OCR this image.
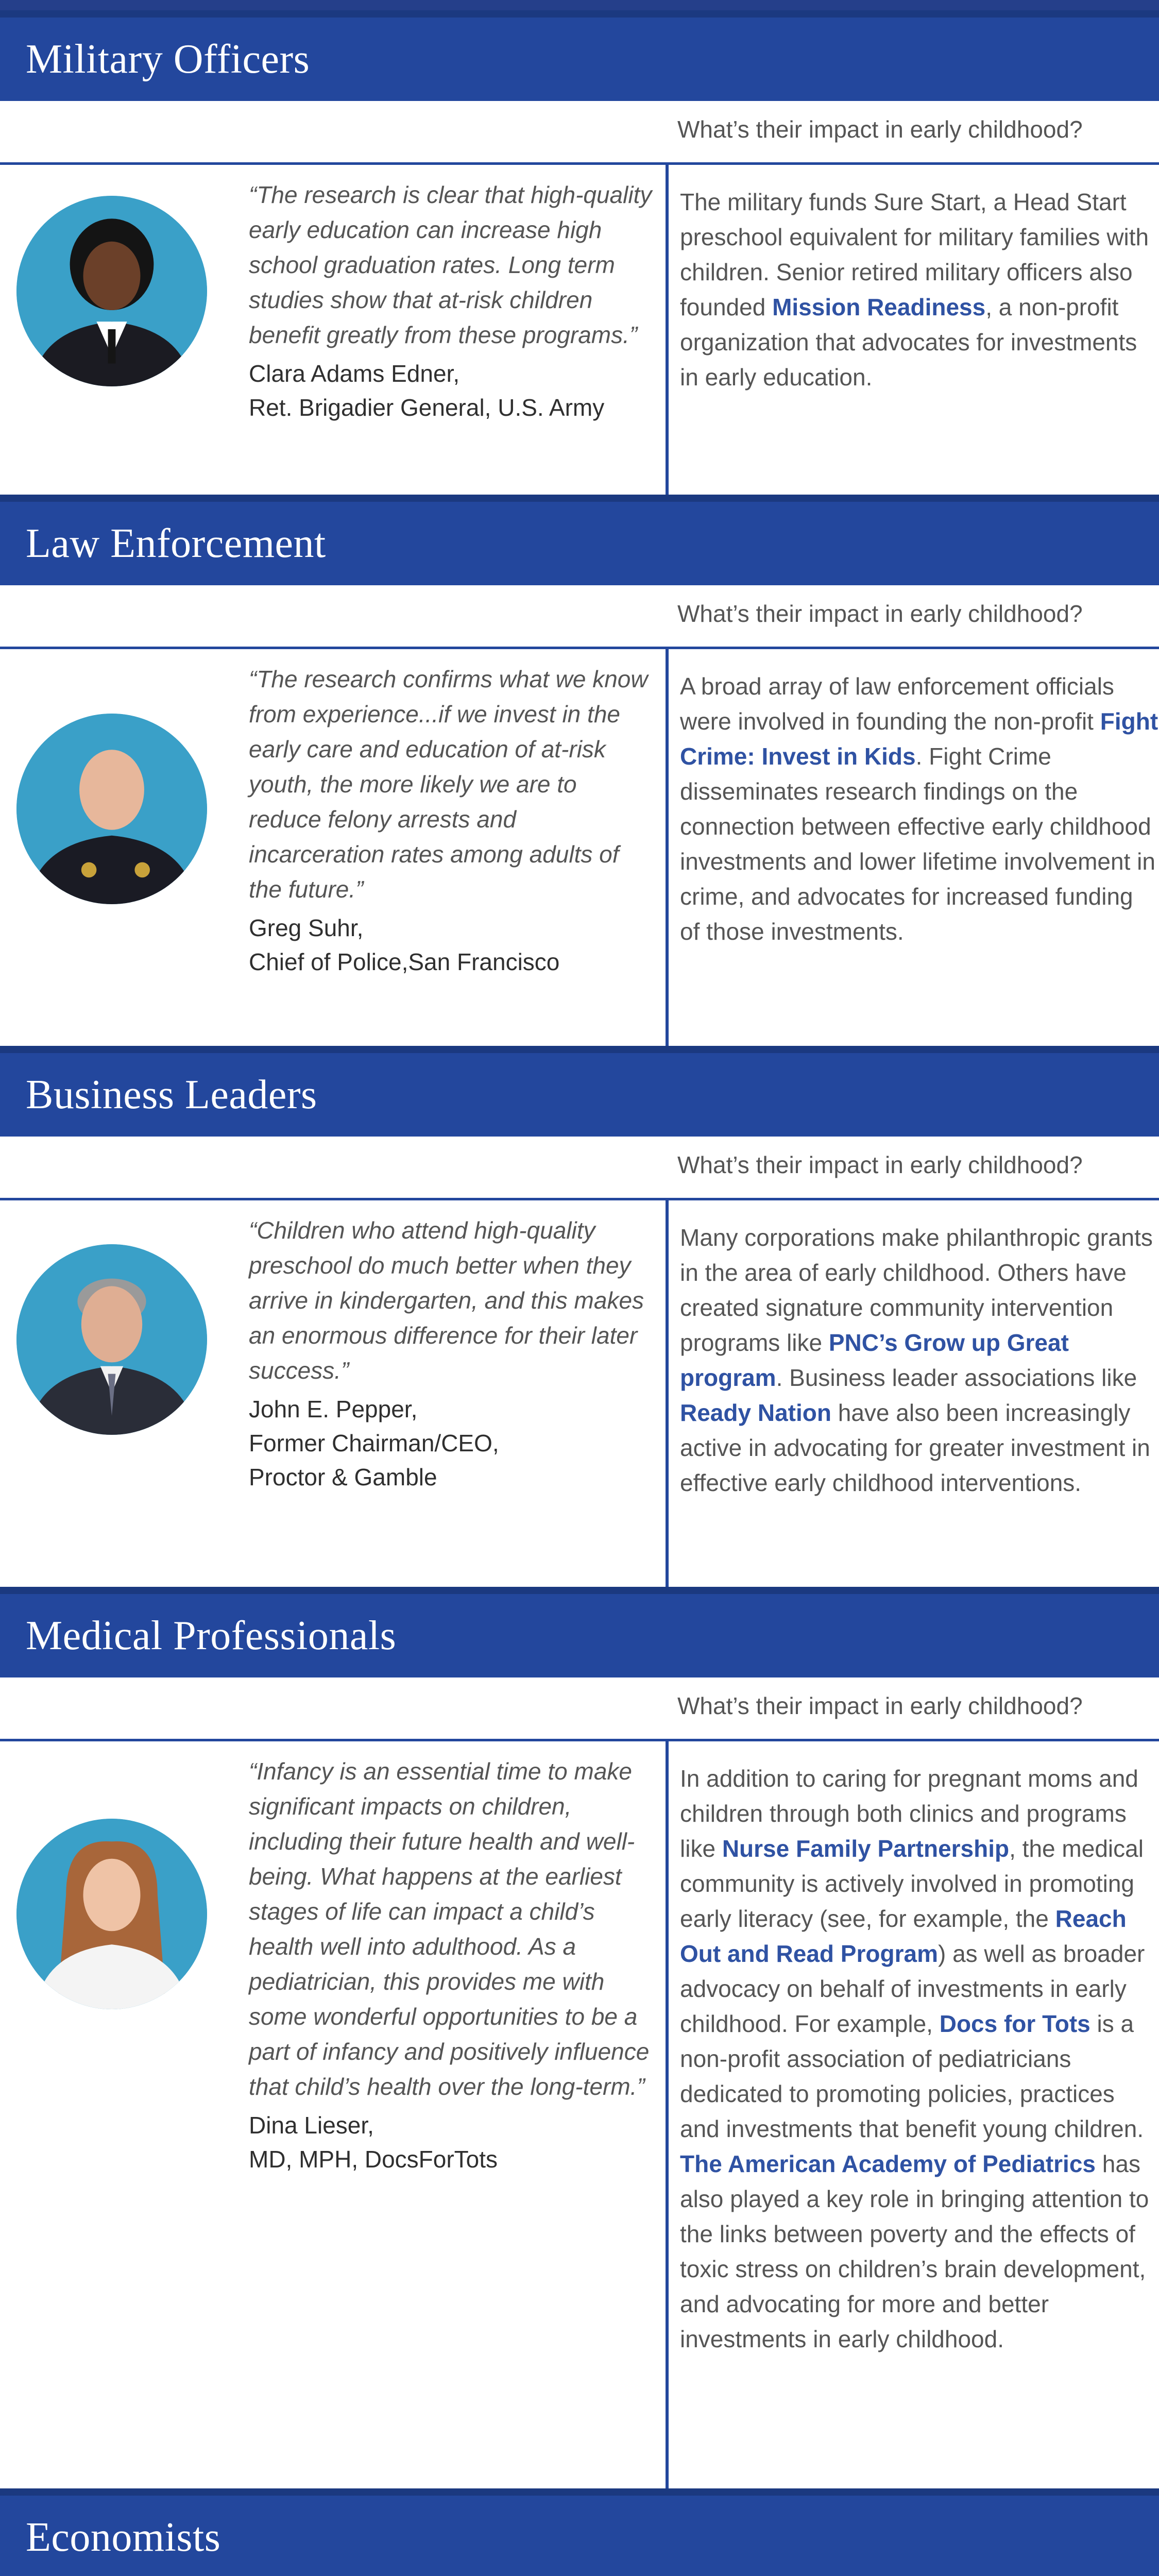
Military Officers
What’s their impact in early childhood?

“The research is clear that high-quality early education can increase high school graduation rates. Long term studies show that at-risk children benefit greatly from these programs.”

Clara Adams Edner,
Ret. Brigadier General, U.S. Army

The military funds Sure Start, a Head Start preschool equivalent for military families with children. Senior retired military officers also founded Mission Readiness, a non-profit organization that advocates for investments in early education.

Law Enforcement
What’s their impact in early childhood?

“The research confirms what we know from experience...if we invest in the early care and education of at-risk youth, the more likely we are to reduce felony arrests and incarceration rates among adults of the future.”

Greg Suhr,
Chief of Police,San Francisco

A broad array of law enforcement officials were involved in founding the non-profit Fight Crime: Invest in Kids. Fight Crime disseminates research findings on the connection between effective early childhood investments and lower lifetime involvement in crime, and advocates for increased funding of those investments.

Business Leaders
What’s their impact in early childhood?

“Children who attend high-quality preschool do much better when they arrive in kindergarten, and this makes an enormous difference for their later success.”

John E. Pepper,
Former Chairman/CEO,
Proctor & Gamble

Many corporations make philanthropic grants in the area of early childhood. Others have created signature community intervention programs like PNC’s Grow up Great program. Business leader associations like Ready Nation have also been increasingly active in advocating for greater investment in effective early childhood interventions.

Medical Professionals
What’s their impact in early childhood?

“Infancy is an essential time to make significant impacts on children, including their future health and well-being. What happens at the earliest stages of life can impact a child’s health well into adulthood. As a pediatrician, this provides me with some wonderful opportunities to be a part of infancy and positively influence that child’s health over the long-term.”

Dina Lieser,
MD, MPH, DocsForTots

In addition to caring for pregnant moms and children through both clinics and programs like Nurse Family Partnership, the medical community is actively involved in promoting early literacy (see, for example, the Reach Out and Read Program) as well as broader advocacy on behalf of investments in early childhood. For example, Docs for Tots is a non-profit association of pediatricians dedicated to promoting policies, practices and investments that benefit young children. The American Academy of Pediatrics has also played a key role in bringing attention to the links between poverty and the effects of toxic stress on children’s brain development, and advocating for more and better investments in early childhood.

Economists
